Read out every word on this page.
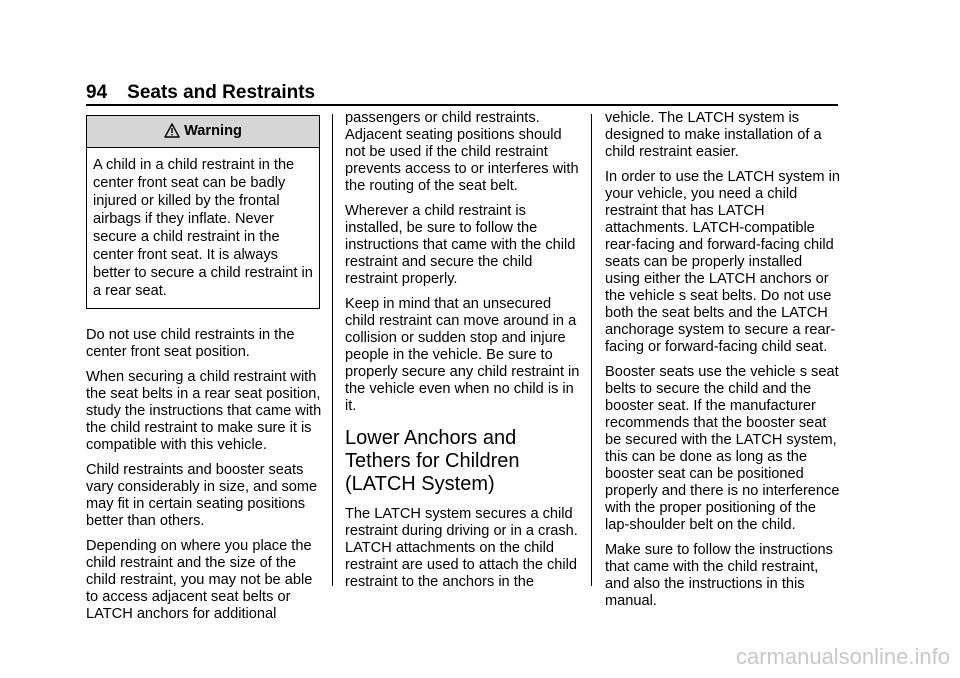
94 Seats and Restraints
Warning
A child in a child restraint in the center front seat can be badly injured or killed by the frontal airbags if they inflate. Never secure a child restraint in the center front seat. It is always better to secure a child restraint in a rear seat.

Do not use child restraints in the center front seat position.

When securing a child restraint with the seat belts in a rear seat position, study the instructions that came with the child restraint to make sure it is compatible with this vehicle.

Child restraints and booster seats vary considerably in size, and some may fit in certain seating positions better than others.

Depending on where you place the child restraint and the size of the child restraint, you may not be able to access adjacent seat belts or LATCH anchors for additional

passengers or child restraints. Adjacent seating positions should not be used if the child restraint prevents access to or interferes with the routing of the seat belt.

Wherever a child restraint is installed, be sure to follow the instructions that came with the child restraint and secure the child restraint properly.

Keep in mind that an unsecured child restraint can move around in a collision or sudden stop and injure people in the vehicle. Be sure to properly secure any child restraint in the vehicle even when no child is in it.

Lower Anchors and Tethers for Children (LATCH System)

The LATCH system secures a child restraint during driving or in a crash. LATCH attachments on the child restraint are used to attach the child restraint to the anchors in the

vehicle. The LATCH system is designed to make installation of a child restraint easier.

In order to use the LATCH system in your vehicle, you need a child restraint that has LATCH attachments. LATCH-compatible rear-facing and forward-facing child seats can be properly installed using either the LATCH anchors or the vehicle s seat belts. Do not use both the seat belts and the LATCH anchorage system to secure a rear-facing or forward-facing child seat.

Booster seats use the vehicle s seat belts to secure the child and the booster seat. If the manufacturer recommends that the booster seat be secured with the LATCH system, this can be done as long as the booster seat can be positioned properly and there is no interference with the proper positioning of the lap-shoulder belt on the child.

Make sure to follow the instructions that came with the child restraint, and also the instructions in this manual.

carmanualsonline.info
